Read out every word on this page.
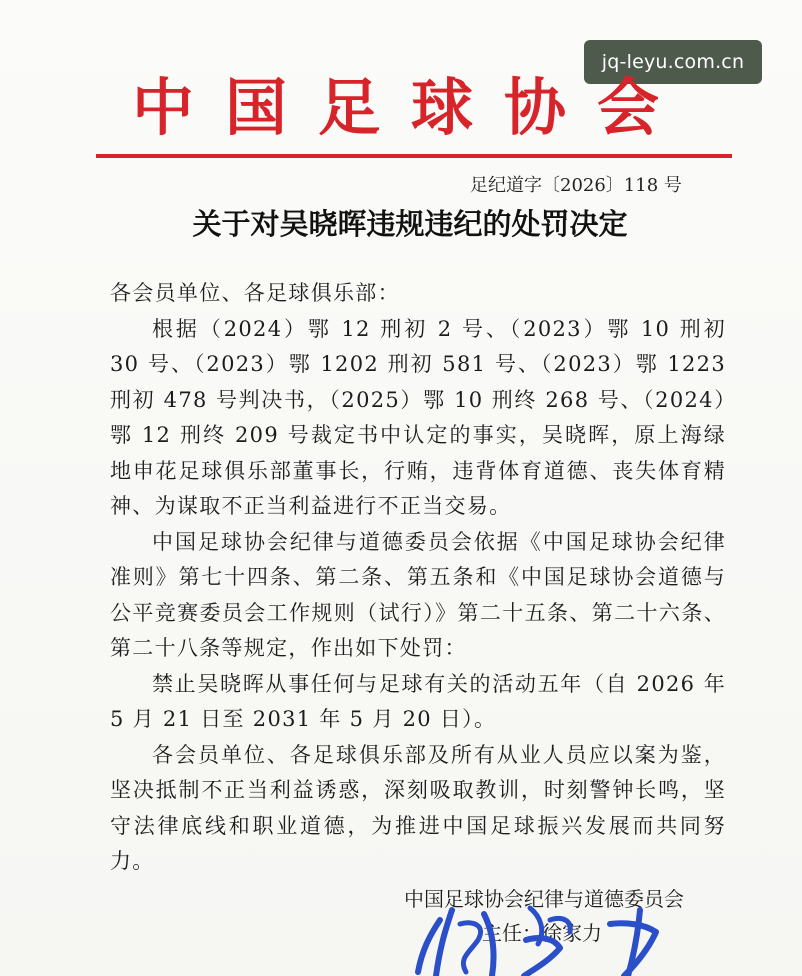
jq-leyu.com.cn
中国足球协会
足纪道字〔2026〕118 号
关于对吴晓晖违规违纪的处罚决定

各会员单位、各足球俱乐部：

根据（2024）鄂 12 刑初 2 号、（2023）鄂 10 刑初 30 号、（2023）鄂 1202 刑初 581 号、（2023）鄂 1223 刑初 478 号判决书，（2025）鄂 10 刑终 268 号、（2024）鄂 12 刑终 209 号裁定书中认定的事实，吴晓晖，原上海绿地申花足球俱乐部董事长，行贿，违背体育道德、丧失体育精神、为谋取不正当利益进行不正当交易。

中国足球协会纪律与道德委员会依据《中国足球协会纪律准则》第七十四条、第二条、第五条和《中国足球协会道德与公平竞赛委员会工作规则（试行）》第二十五条、第二十六条、第二十八条等规定，作出如下处罚：

禁止吴晓晖从事任何与足球有关的活动五年（自 2026 年 5 月 21 日至 2031 年 5 月 20 日）。

各会员单位、各足球俱乐部及所有从业人员应以案为鉴，坚决抵制不正当利益诱惑，深刻吸取教训，时刻警钟长鸣，坚守法律底线和职业道德，为推进中国足球振兴发展而共同努力。

中国足球协会纪律与道德委员会
主任：徐家力
